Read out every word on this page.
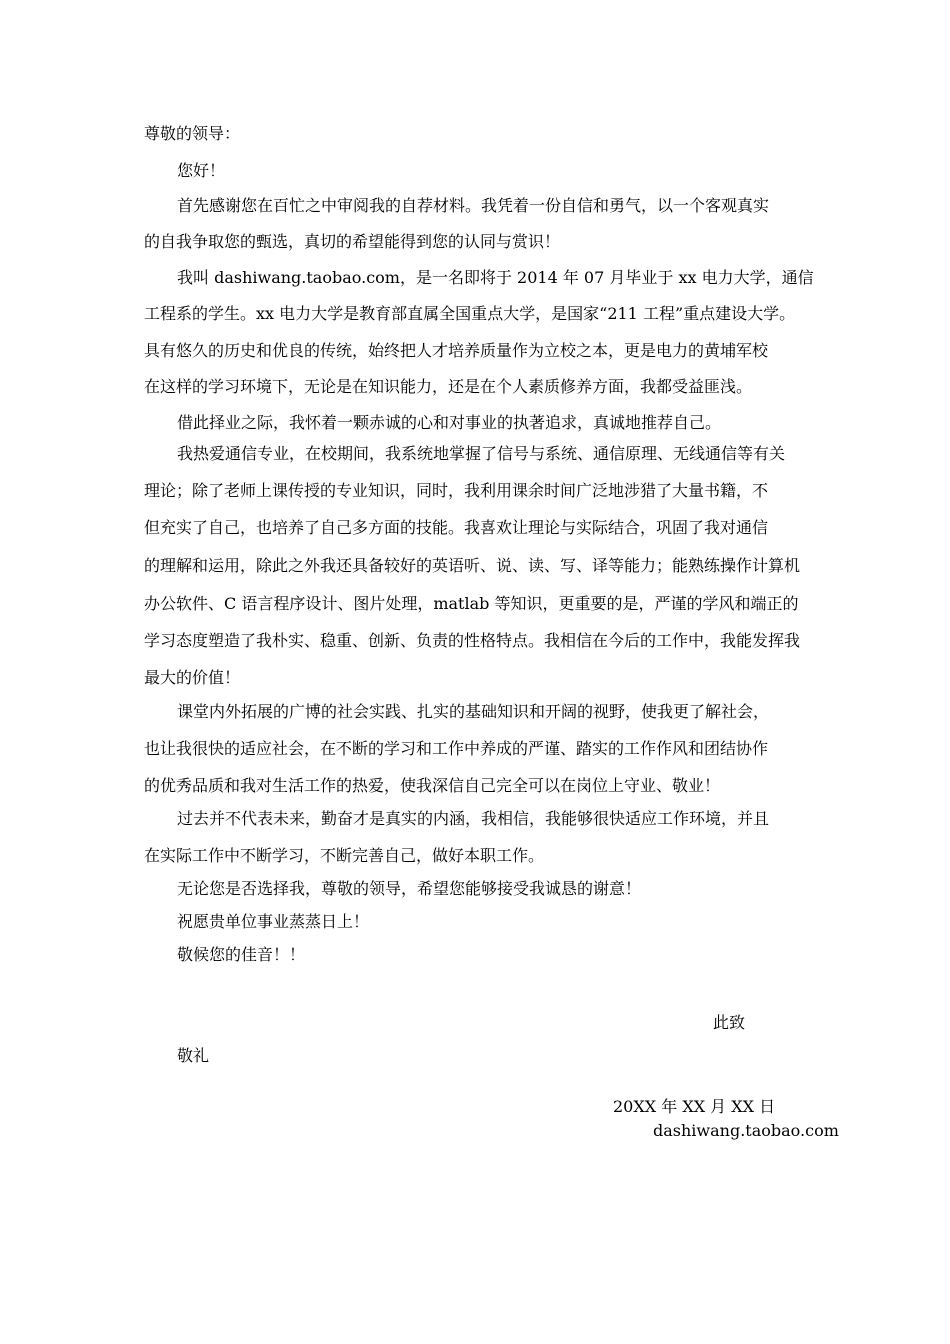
尊敬的领导：
您好！
首先感谢您在百忙之中审阅我的自荐材料。我凭着一份自信和勇气，以一个客观真实
的自我争取您的甄选，真切的希望能得到您的认同与赏识！
我叫 dashiwang.taobao.com，是一名即将于 2014 年 07 月毕业于 xx 电力大学，通信
工程系的学生。xx 电力大学是教育部直属全国重点大学，是国家“211 工程”重点建设大学。
具有悠久的历史和优良的传统，始终把人才培养质量作为立校之本，更是电力的黄埔军校
在这样的学习环境下，无论是在知识能力，还是在个人素质修养方面，我都受益匪浅。
借此择业之际，我怀着一颗赤诚的心和对事业的执著追求，真诚地推荐自己。
我热爱通信专业，在校期间，我系统地掌握了信号与系统、通信原理、无线通信等有关
理论；除了老师上课传授的专业知识，同时，我利用课余时间广泛地涉猎了大量书籍，不
但充实了自己，也培养了自己多方面的技能。我喜欢让理论与实际结合，巩固了我对通信
的理解和运用，除此之外我还具备较好的英语听、说、读、写、译等能力；能熟练操作计算机
办公软件、C 语言程序设计、图片处理，matlab 等知识，更重要的是，严谨的学风和端正的
学习态度塑造了我朴实、稳重、创新、负责的性格特点。我相信在今后的工作中，我能发挥我
最大的价值！
课堂内外拓展的广博的社会实践、扎实的基础知识和开阔的视野，使我更了解社会，
也让我很快的适应社会，在不断的学习和工作中养成的严谨、踏实的工作作风和团结协作
的优秀品质和我对生活工作的热爱，使我深信自己完全可以在岗位上守业、敬业！
过去并不代表未来，勤奋才是真实的内涵，我相信，我能够很快适应工作环境，并且
在实际工作中不断学习，不断完善自己，做好本职工作。
无论您是否选择我，尊敬的领导，希望您能够接受我诚恳的谢意！
祝愿贵单位事业蒸蒸日上！
敬候您的佳音！！
此致
敬礼
20XX 年 XX 月 XX 日
dashiwang.taobao.com
